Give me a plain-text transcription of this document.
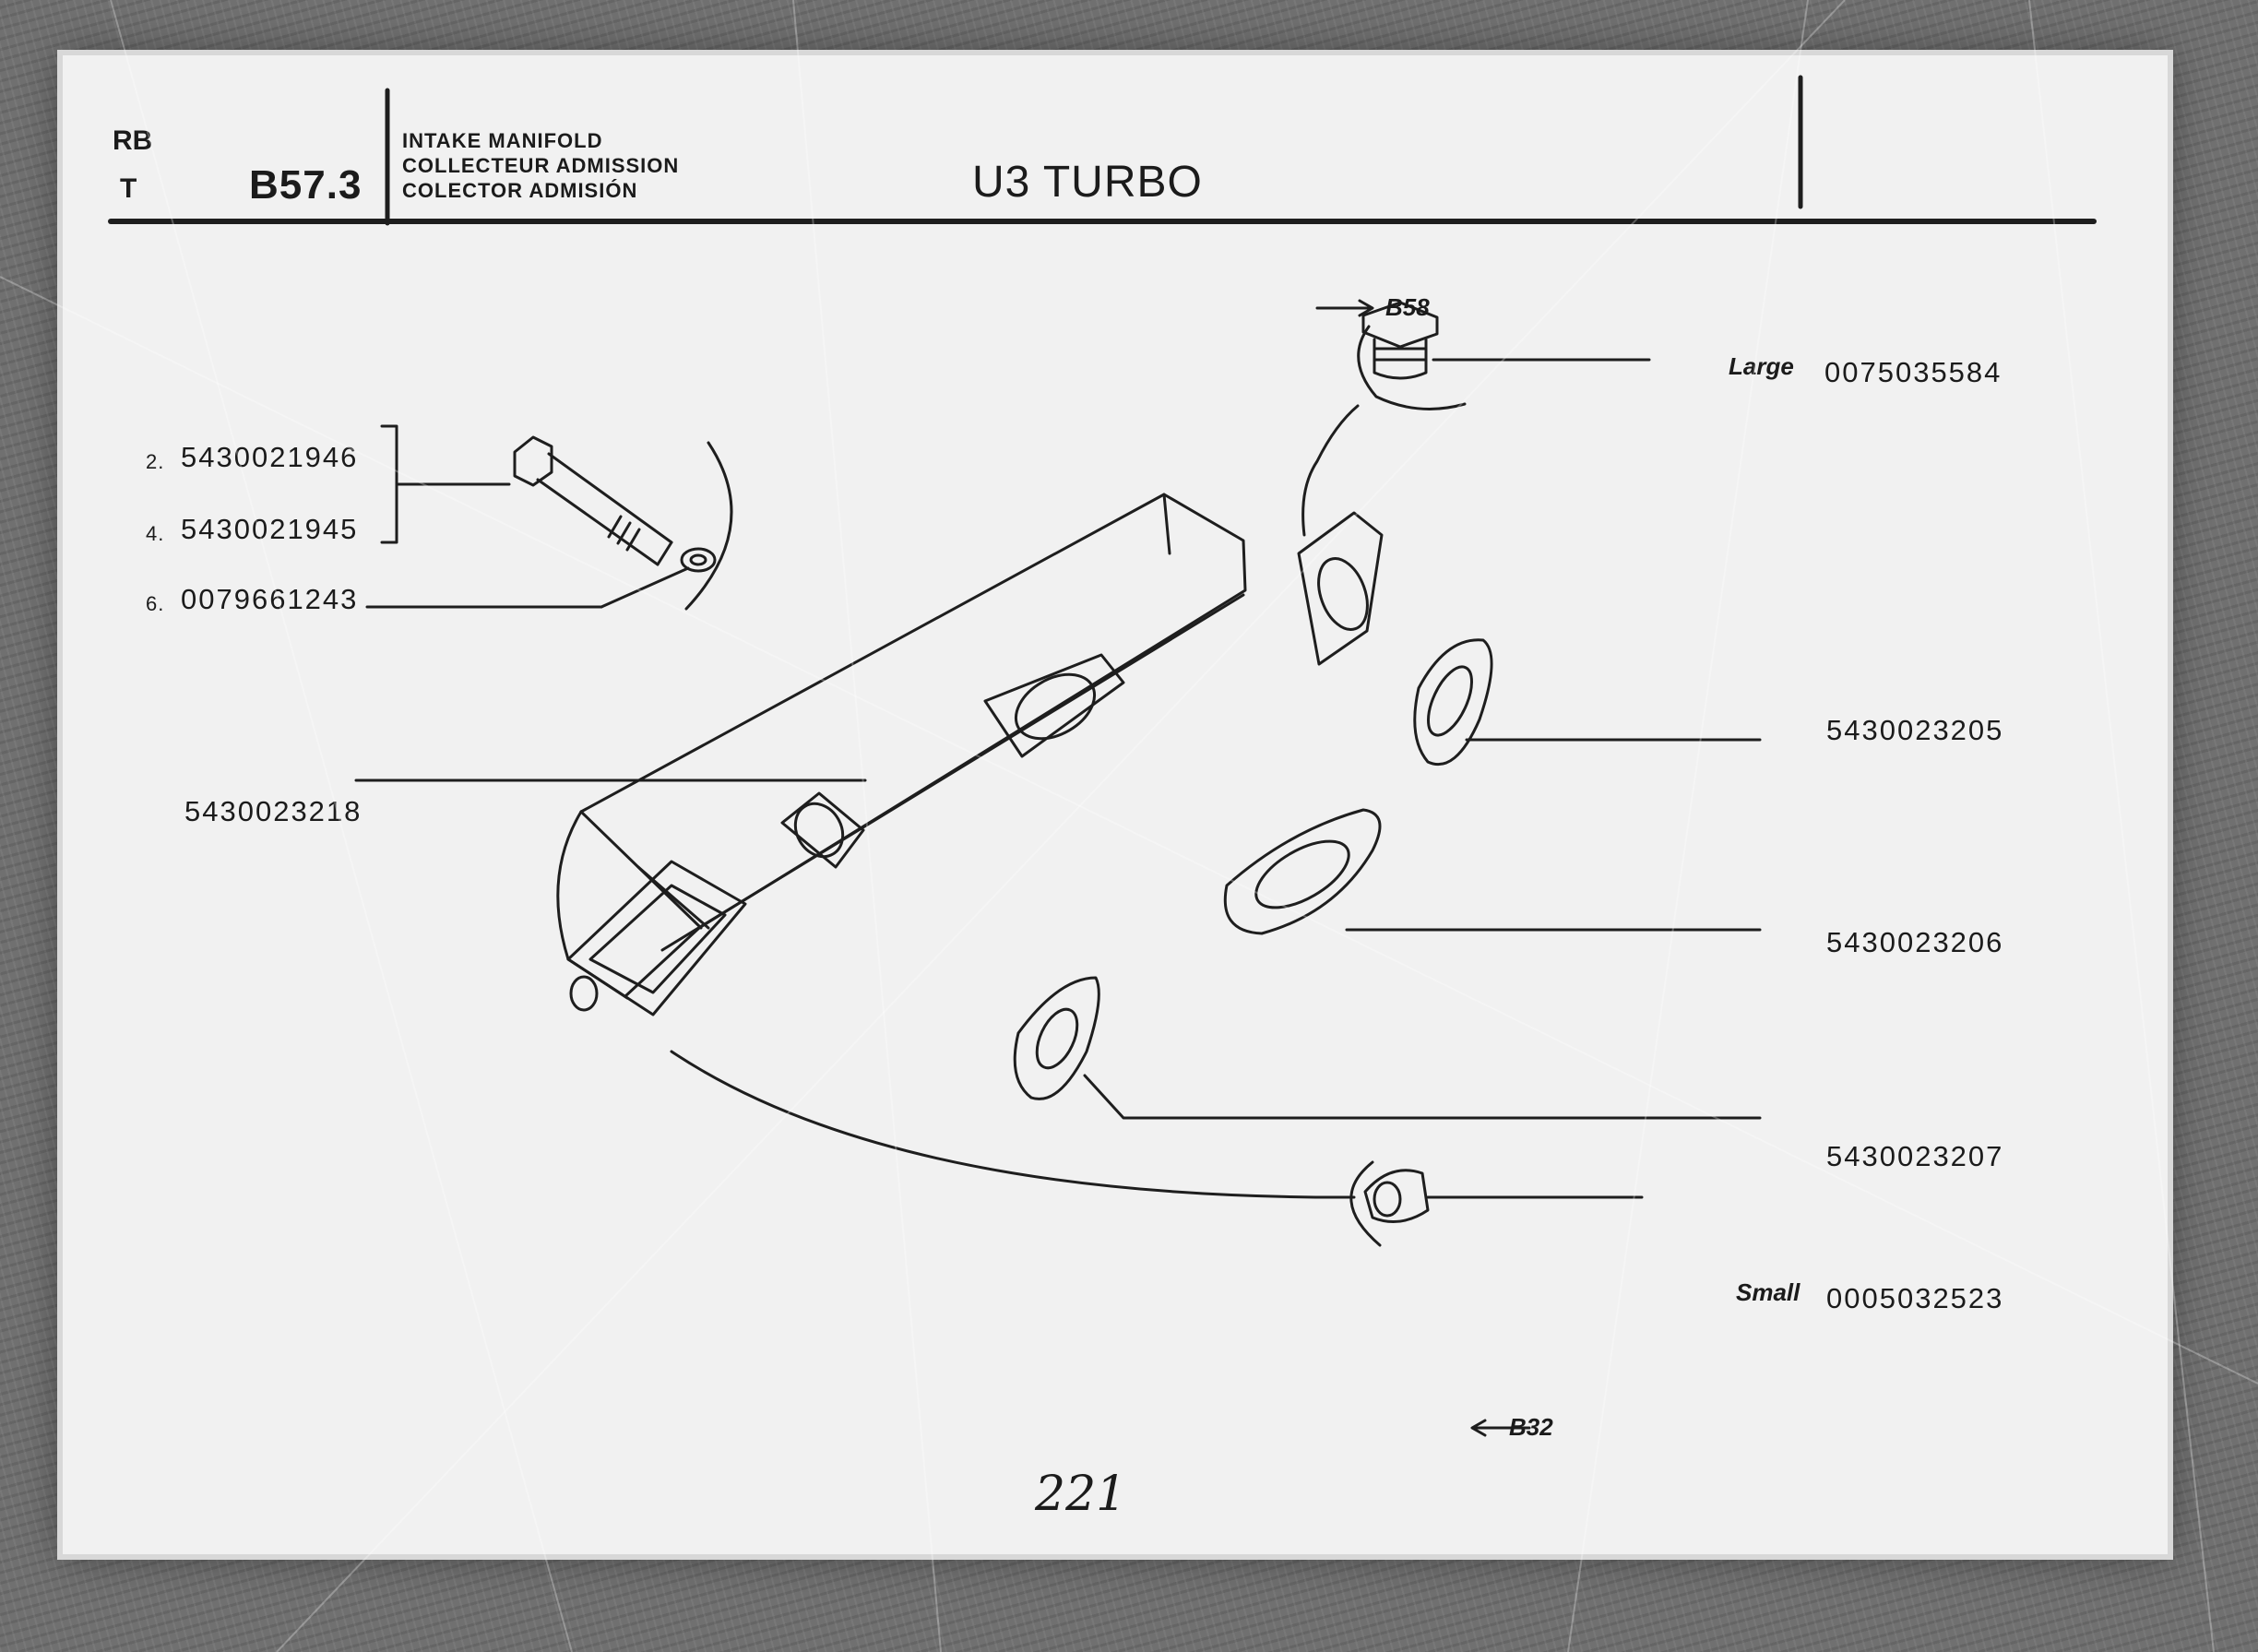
RB
T	B57.3
INTAKE MANIFOLD
COLLECTEUR ADMISSION
COLECTOR ADMISIÓN	U3 TURBO
B58
B32
2. 5430021946
4. 5430021945
6. 0079661243
5430023218
Large 0075035584
5430023205
5430023206
5430023207
Small 0005032523
221
